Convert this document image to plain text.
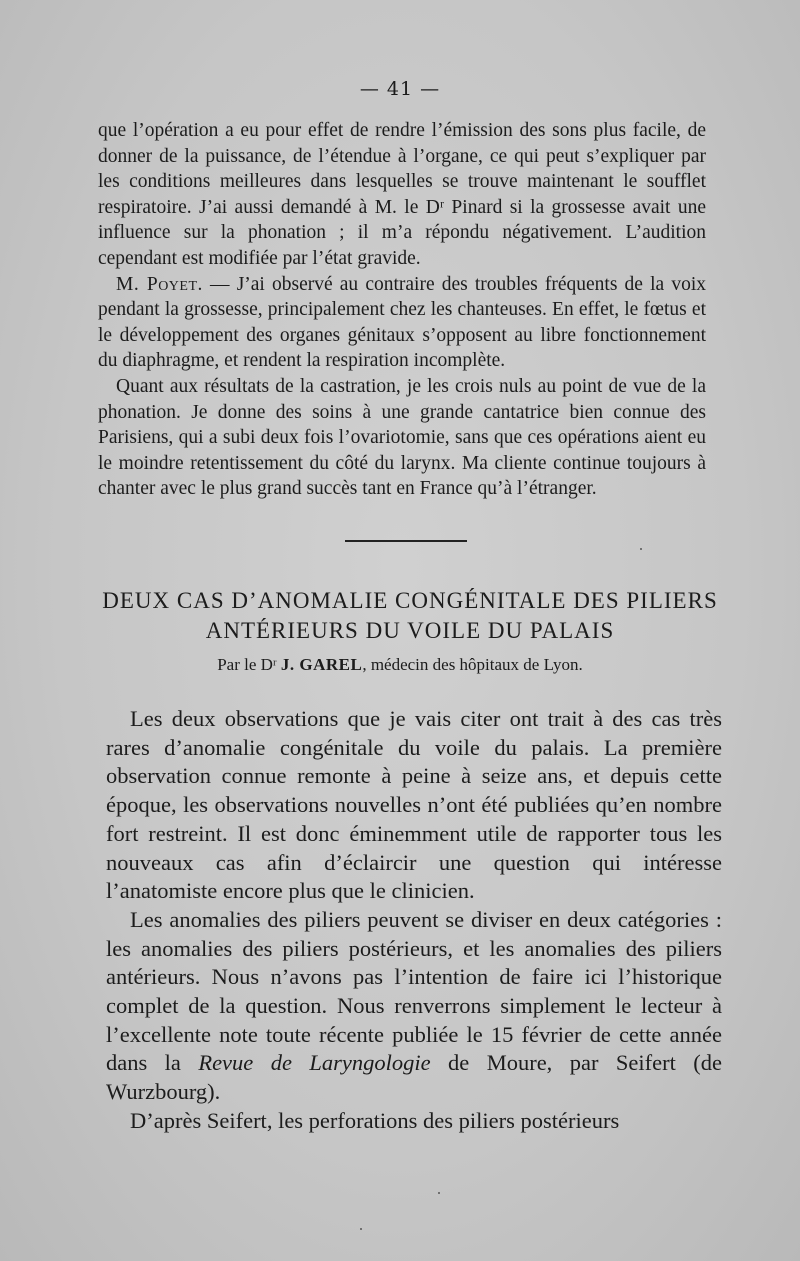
— 41 —

que l’opération a eu pour effet de rendre l’émission des sons plus facile, de donner de la puissance, de l’étendue à l’organe, ce qui peut s’expliquer par les conditions meilleures dans lesquelles se trouve maintenant le soufflet respiratoire. J’ai aussi demandé à M. le Dʳ Pinard si la grossesse avait une influence sur la phonation ; il m’a répondu négativement. L’audition cependant est modifiée par l’état gravide.

M. Poyet. — J’ai observé au contraire des troubles fréquents de la voix pendant la grossesse, principalement chez les chanteuses. En effet, le fœtus et le développement des organes génitaux s’opposent au libre fonctionnement du diaphragme, et rendent la respiration incomplète.

Quant aux résultats de la castration, je les crois nuls au point de vue de la phonation. Je donne des soins à une grande cantatrice bien connue des Parisiens, qui a subi deux fois l’ovariotomie, sans que ces opérations aient eu le moindre retentissement du côté du larynx. Ma cliente continue toujours à chanter avec le plus grand succès tant en France qu’à l’étranger.

DEUX CAS D’ANOMALIE CONGÉNITALE DES PILIERS
ANTÉRIEURS DU VOILE DU PALAIS
Par le Dʳ J. GAREL, médecin des hôpitaux de Lyon.

Les deux observations que je vais citer ont trait à des cas très rares d’anomalie congénitale du voile du palais. La première observation connue remonte à peine à seize ans, et depuis cette époque, les observations nouvelles n’ont été publiées qu’en nombre fort restreint. Il est donc éminemment utile de rapporter tous les nouveaux cas afin d’éclaircir une question qui intéresse l’anatomiste encore plus que le clinicien.

Les anomalies des piliers peuvent se diviser en deux catégories : les anomalies des piliers postérieurs, et les anomalies des piliers antérieurs. Nous n’avons pas l’intention de faire ici l’historique complet de la question. Nous renverrons simplement le lecteur à l’excellente note toute récente publiée le 15 février de cette année dans la Revue de Laryngologie de Moure, par Seifert (de Wurzbourg).

D’après Seifert, les perforations des piliers postérieurs
